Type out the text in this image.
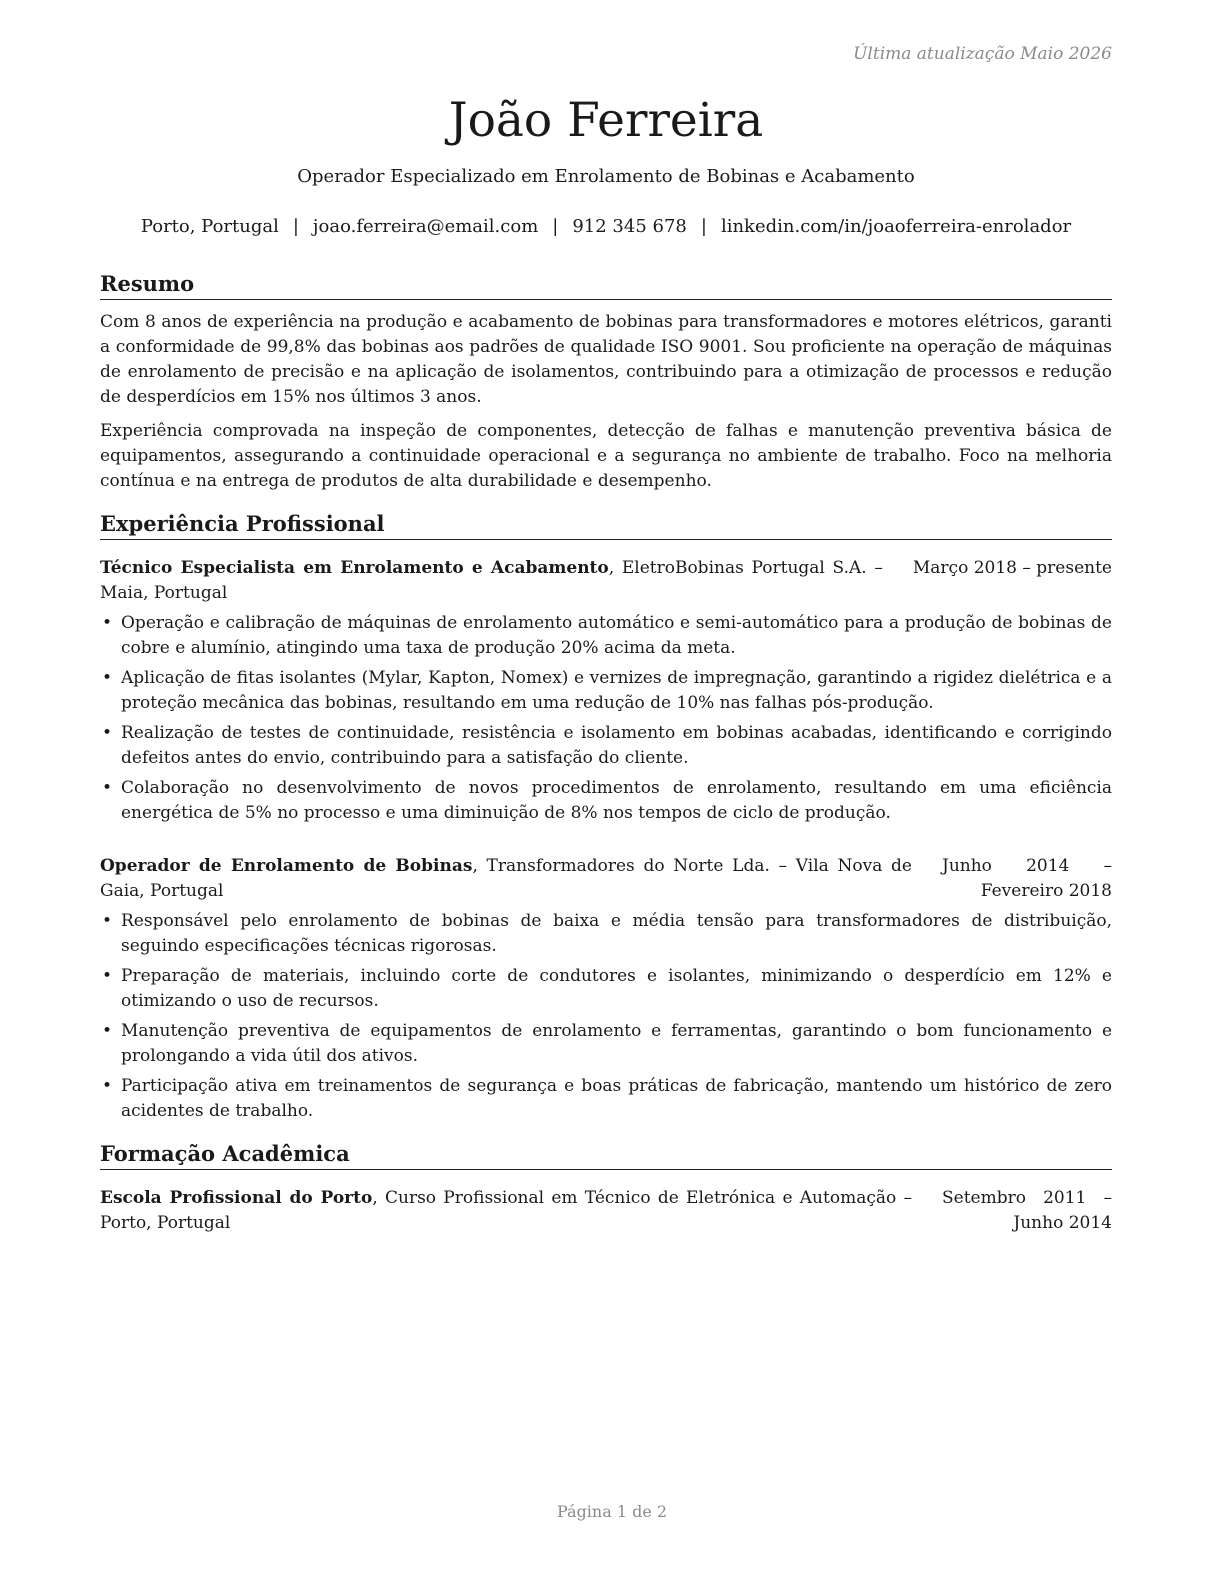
Última atualização Maio 2026
João Ferreira
Operador Especializado em Enrolamento de Bobinas e Acabamento
Porto, Portugal | joao.ferreira@email.com | 912 345 678 | linkedin.com/in/joaoferreira-enrolador
Resumo

Com 8 anos de experiência na produção e acabamento de bobinas para transformadores e motores elétricos, garanti a conformidade de 99,8% das bobinas aos padrões de qualidade ISO 9001. Sou proficiente na operação de máquinas de enrolamento de precisão e na aplicação de isolamentos, contribuindo para a otimização de processos e redução de desperdícios em 15% nos últimos 3 anos.

Experiência comprovada na inspeção de componentes, detecção de falhas e manutenção preventiva básica de equipamentos, assegurando a continuidade operacional e a segurança no ambiente de trabalho. Foco na melhoria contínua e na entrega de produtos de alta durabilidade e desempenho.

Experiência Profissional
Técnico Especialista em Enrolamento e Acabamento, EletroBobinas Portugal S.A. – Maia, Portugal
Março 2018 – presente
• Operação e calibração de máquinas de enrolamento automático e semi-automático para a produção de bobinas de cobre e alumínio, atingindo uma taxa de produção 20% acima da meta.
• Aplicação de fitas isolantes (Mylar, Kapton, Nomex) e vernizes de impregnação, garantindo a rigidez dielétrica e a proteção mecânica das bobinas, resultando em uma redução de 10% nas falhas pós-produção.
• Realização de testes de continuidade, resistência e isolamento em bobinas acabadas, identificando e corrigindo defeitos antes do envio, contribuindo para a satisfação do cliente.
• Colaboração no desenvolvimento de novos procedimentos de enrolamento, resultando em uma eficiência energética de 5% no processo e uma diminuição de 8% nos tempos de ciclo de produção.
Operador de Enrolamento de Bobinas, Transformadores do Norte Lda. – Vila Nova de Gaia, Portugal
Junho 2014 – Fevereiro 2018
• Responsável pelo enrolamento de bobinas de baixa e média tensão para transformadores de distribuição, seguindo especificações técnicas rigorosas.
• Preparação de materiais, incluindo corte de condutores e isolantes, minimizando o desperdício em 12% e otimizando o uso de recursos.
• Manutenção preventiva de equipamentos de enrolamento e ferramentas, garantindo o bom funcionamento e prolongando a vida útil dos ativos.
• Participação ativa em treinamentos de segurança e boas práticas de fabricação, mantendo um histórico de zero acidentes de trabalho.
Formação Acadêmica
Escola Profissional do Porto, Curso Profissional em Técnico de Eletrónica e Automação – Porto, Portugal
Setembro 2011 – Junho 2014
Página 1 de 2
